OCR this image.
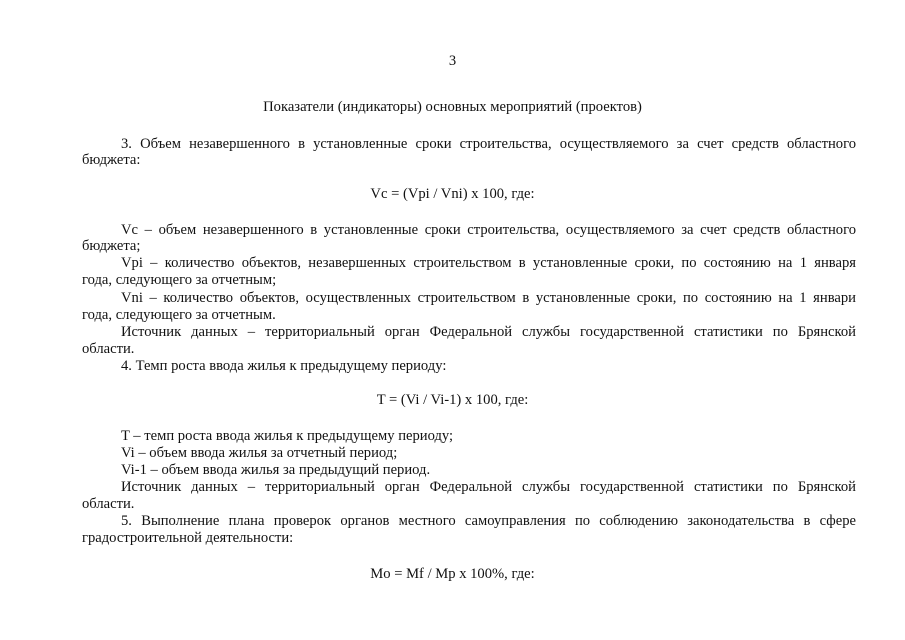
3
Показатели (индикаторы) основных мероприятий (проектов)
3. Объем незавершенного в установленные сроки строительства, осуществляемого за счет средств областного
бюджета:
Vc = (Vpi / Vni) x 100, где:
Vc – объем незавершенного в установленные сроки строительства, осуществляемого за счет средств областного
бюджета;
Vpi – количество объектов, незавершенных строительством в установленные сроки, по состоянию на 1 января
года, следующего за отчетным;
Vni – количество объектов, осуществленных строительством в установленные сроки, по состоянию на 1 январи
года, следующего за отчетным.
Источник данных – территориальный орган Федеральной службы государственной статистики по Брянской
области.
4. Темп роста ввода жилья к предыдущему периоду:
T = (Vi / Vi-1) x 100, где:
T – темп роста ввода жилья к предыдущему периоду;
Vi – объем ввода жилья за отчетный период;
Vi-1 – объем ввода жилья за предыдущий период.
Источник данных – территориальный орган Федеральной службы государственной статистики по Брянской
области.
5. Выполнение плана проверок органов местного самоуправления по соблюдению законодательства в сфере
градостроительной деятельности:
Mo = Mf / Mp x 100%, где:
